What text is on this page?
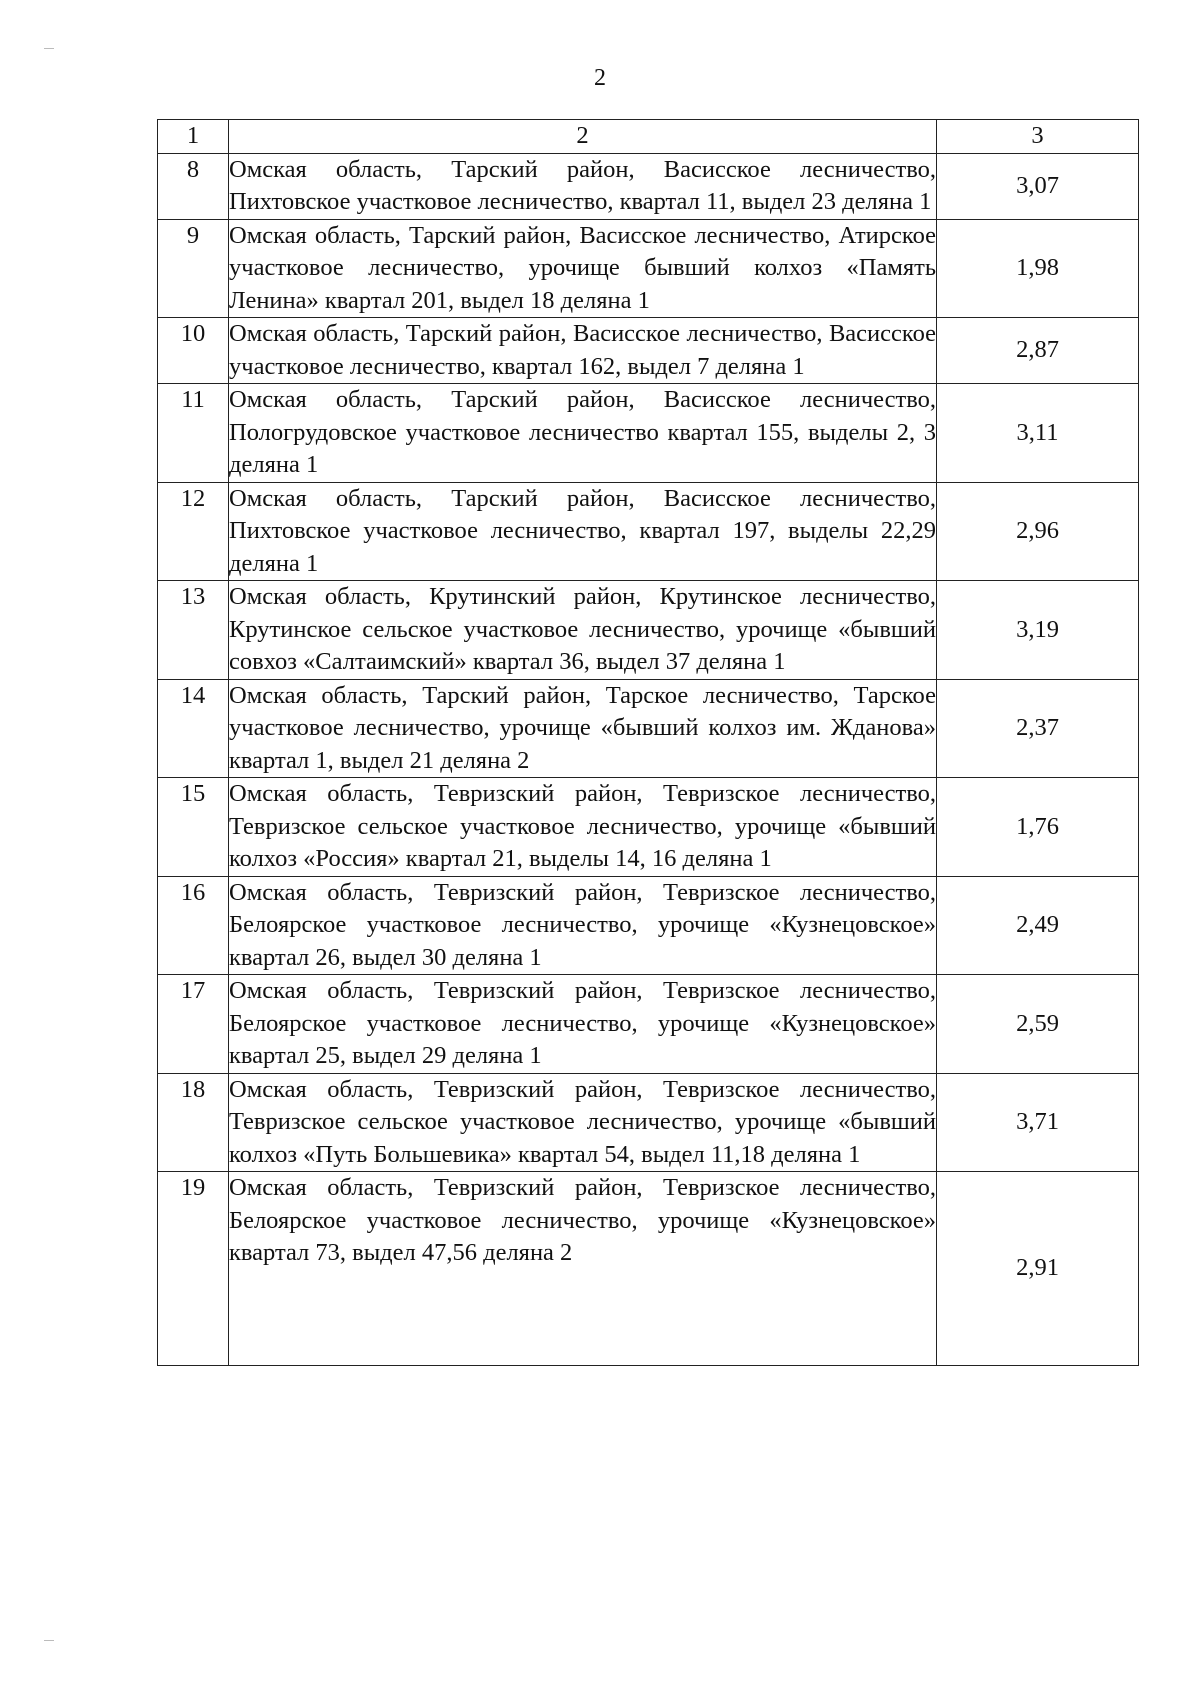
2
1	2	3
8	Омская область, Тарский район, Васисское лесничество, Пихтовское участковое лесничество, квартал 11, выдел 23 деляна 1	3,07
9	Омская область, Тарский район, Васисское лесничество, Атирское участковое лесничество, урочище бывший колхоз «Память Ленина» квартал 201, выдел 18 деляна 1	1,98
10	Омская область, Тарский район, Васисское лесничество, Васисское участковое лесничество, квартал 162, выдел 7 деляна 1	2,87
11	Омская область, Тарский район, Васисское лесничество, Пологрудовское участковое лесничество квартал 155, выделы 2, 3 деляна 1	3,11
12	Омская область, Тарский район, Васисское лесничество, Пихтовское участковое лесничество, квартал 197, выделы 22,29 деляна 1	2,96
13	Омская область, Крутинский район, Крутинское лесничество, Крутинское сельское участковое лесничество, урочище «бывший совхоз «Салтаимский» квартал 36, выдел 37 деляна 1	3,19
14	Омская область, Тарский район, Тарское лесничество, Тарское участковое лесничество, урочище «бывший колхоз им. Жданова» квартал 1, выдел 21 деляна 2	2,37
15	Омская область, Тевризский район, Тевризское лесничество, Тевризское сельское участковое лесничество, урочище «бывший колхоз «Россия» квартал 21, выделы 14, 16 деляна 1	1,76
16	Омская область, Тевризский район, Тевризское лесничество, Белоярское участковое лесничество, урочище «Кузнецовское» квартал 26, выдел 30 деляна 1	2,49
17	Омская область, Тевризский район, Тевризское лесничество, Белоярское участковое лесничество, урочище «Кузнецовское» квартал 25, выдел 29 деляна 1	2,59
18	Омская область, Тевризский район, Тевризское лесничество, Тевризское сельское участковое лесничество, урочище «бывший колхоз «Путь Большевика» квартал 54, выдел 11,18 деляна 1	3,71
19	Омская область, Тевризский район, Тевризское лесничество, Белоярское участковое лесничество, урочище «Кузнецовское» квартал 73, выдел 47,56 деляна 2	2,91
